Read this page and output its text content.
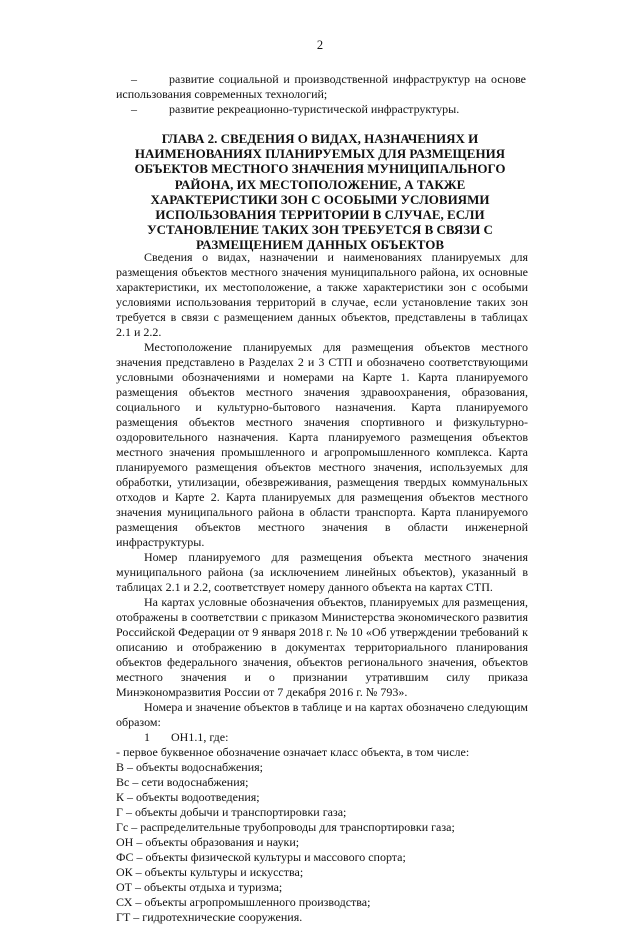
2
–	развитие социальной и производственной инфраструктур на основе использования современных технологий;
–	развитие рекреационно-туристической инфраструктуры.
ГЛАВА 2. СВЕДЕНИЯ О ВИДАХ, НАЗНАЧЕНИЯХ И НАИМЕНОВАНИЯХ ПЛАНИРУЕМЫХ ДЛЯ РАЗМЕЩЕНИЯ ОБЪЕКТОВ МЕСТНОГО ЗНАЧЕНИЯ МУНИЦИПАЛЬНОГО РАЙОНА, ИХ МЕСТОПОЛОЖЕНИЕ, А ТАКЖЕ ХАРАКТЕРИСТИКИ ЗОН С ОСОБЫМИ УСЛОВИЯМИ ИСПОЛЬЗОВАНИЯ ТЕРРИТОРИИ В СЛУЧАЕ, ЕСЛИ УСТАНОВЛЕНИЕ ТАКИХ ЗОН ТРЕБУЕТСЯ В СВЯЗИ С РАЗМЕЩЕНИЕМ ДАННЫХ ОБЪЕКТОВ

Сведения о видах, назначении и наименованиях планируемых для размещения объектов местного значения муниципального района, их основные характеристики, их местоположение, а также характеристики зон с особыми условиями использования территорий в случае, если установление таких зон требуется в связи с размещением данных объектов, представлены в таблицах 2.1 и 2.2.

Местоположение планируемых для размещения объектов местного значения представлено в Разделах 2 и 3 СТП и обозначено соответствующими условными обозначениями и номерами на Карте 1. Карта планируемого размещения объектов местного значения здравоохранения, образования, социального и культурно-бытового назначения. Карта планируемого размещения объектов местного значения спортивного и физкультурно-оздоровительного назначения. Карта планируемого размещения объектов местного значения промышленного и агропромышленного комплекса. Карта планируемого размещения объектов местного значения, используемых для обработки, утилизации, обезвреживания, размещения твердых коммунальных отходов и Карте 2. Карта планируемых для размещения объектов местного значения муниципального района в области транспорта. Карта планируемого размещения объектов местного значения в области инженерной инфраструктуры.

Номер планируемого для размещения объекта местного значения муниципального района (за исключением линейных объектов), указанный в таблицах 2.1 и 2.2, соответствует номеру данного объекта на картах СТП.

На картах условные обозначения объектов, планируемых для размещения, отображены в соответствии с приказом Министерства экономического развития Российской Федерации от 9 января 2018 г. № 10 «Об утверждении требований к описанию и отображению в документах территориального планирования объектов федерального значения, объектов регионального значения, объектов местного значения и о признании утратившим силу приказа Минэкономразвития России от 7 декабря 2016 г. № 793».

Номера и значение объектов в таблице и на картах обозначено следующим образом:

1 ОН1.1, где:

- первое буквенное обозначение означает класс объекта, в том числе:

В – объекты водоснабжения;

Вс – сети водоснабжения;

К – объекты водоотведения;

Г – объекты добычи и транспортировки газа;

Гс – распределительные трубопроводы для транспортировки газа;

ОН – объекты образования и науки;

ФС – объекты физической культуры и массового спорта;

ОК – объекты культуры и искусства;

ОТ – объекты отдыха и туризма;

СХ – объекты агропромышленного производства;

ГТ – гидротехнические сооружения.
